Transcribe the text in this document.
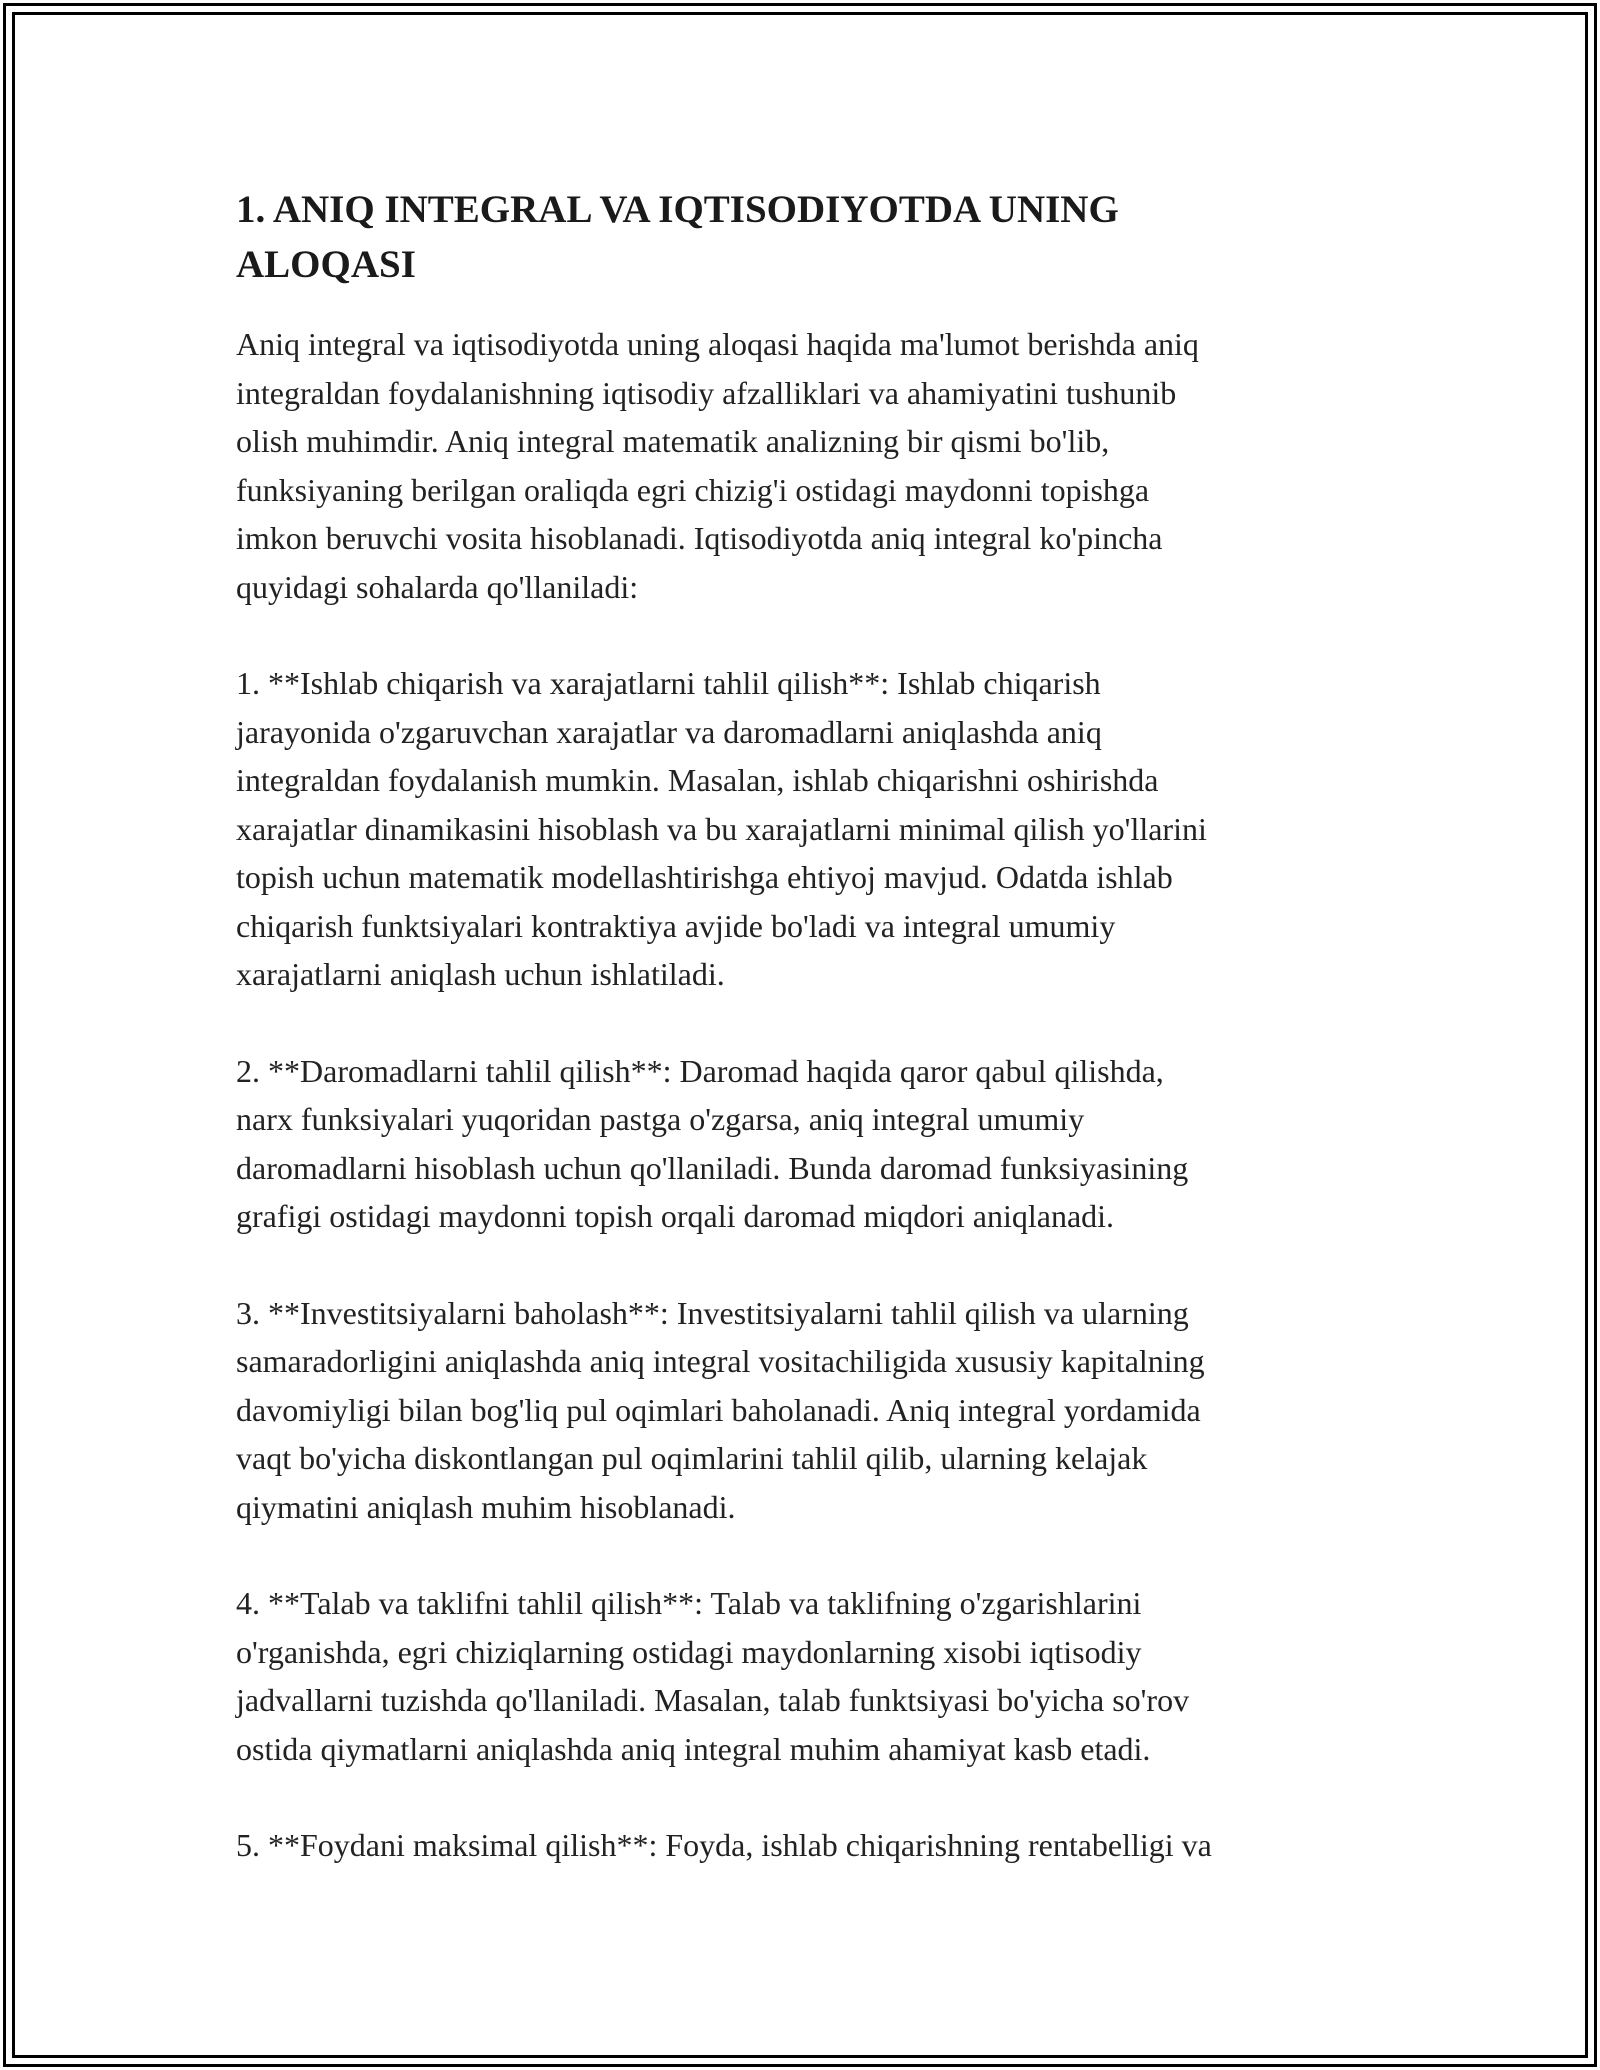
1. ANIQ INTEGRAL VA IQTISODIYOTDA UNING ALOQASI

Aniq integral va iqtisodiyotda uning aloqasi haqida ma'lumot berishda aniq
integraldan foydalanishning iqtisodiy afzalliklari va ahamiyatini tushunib
olish muhimdir. Aniq integral matematik analizning bir qismi bo'lib,
funksiyaning berilgan oraliqda egri chizig'i ostidagi maydonni topishga
imkon beruvchi vosita hisoblanadi. Iqtisodiyotda aniq integral ko'pincha
quyidagi sohalarda qo'llaniladi:

1. **Ishlab chiqarish va xarajatlarni tahlil qilish**: Ishlab chiqarish
jarayonida o'zgaruvchan xarajatlar va daromadlarni aniqlashda aniq
integraldan foydalanish mumkin. Masalan, ishlab chiqarishni oshirishda
xarajatlar dinamikasini hisoblash va bu xarajatlarni minimal qilish yo'llarini
topish uchun matematik modellashtirishga ehtiyoj mavjud. Odatda ishlab
chiqarish funktsiyalari kontraktiya avjide bo'ladi va integral umumiy
xarajatlarni aniqlash uchun ishlatiladi.

2. **Daromadlarni tahlil qilish**: Daromad haqida qaror qabul qilishda,
narx funksiyalari yuqoridan pastga o'zgarsa, aniq integral umumiy
daromadlarni hisoblash uchun qo'llaniladi. Bunda daromad funksiyasining
grafigi ostidagi maydonni topish orqali daromad miqdori aniqlanadi.

3. **Investitsiyalarni baholash**: Investitsiyalarni tahlil qilish va ularning
samaradorligini aniqlashda aniq integral vositachiligida xususiy kapitalning
davomiyligi bilan bog'liq pul oqimlari baholanadi. Aniq integral yordamida
vaqt bo'yicha diskontlangan pul oqimlarini tahlil qilib, ularning kelajak
qiymatini aniqlash muhim hisoblanadi.

4. **Talab va taklifni tahlil qilish**: Talab va taklifning o'zgarishlarini
o'rganishda, egri chiziqlarning ostidagi maydonlarning xisobi iqtisodiy
jadvallarni tuzishda qo'llaniladi. Masalan, talab funktsiyasi bo'yicha so'rov
ostida qiymatlarni aniqlashda aniq integral muhim ahamiyat kasb etadi.

5. **Foydani maksimal qilish**: Foyda, ishlab chiqarishning rentabelligi va
